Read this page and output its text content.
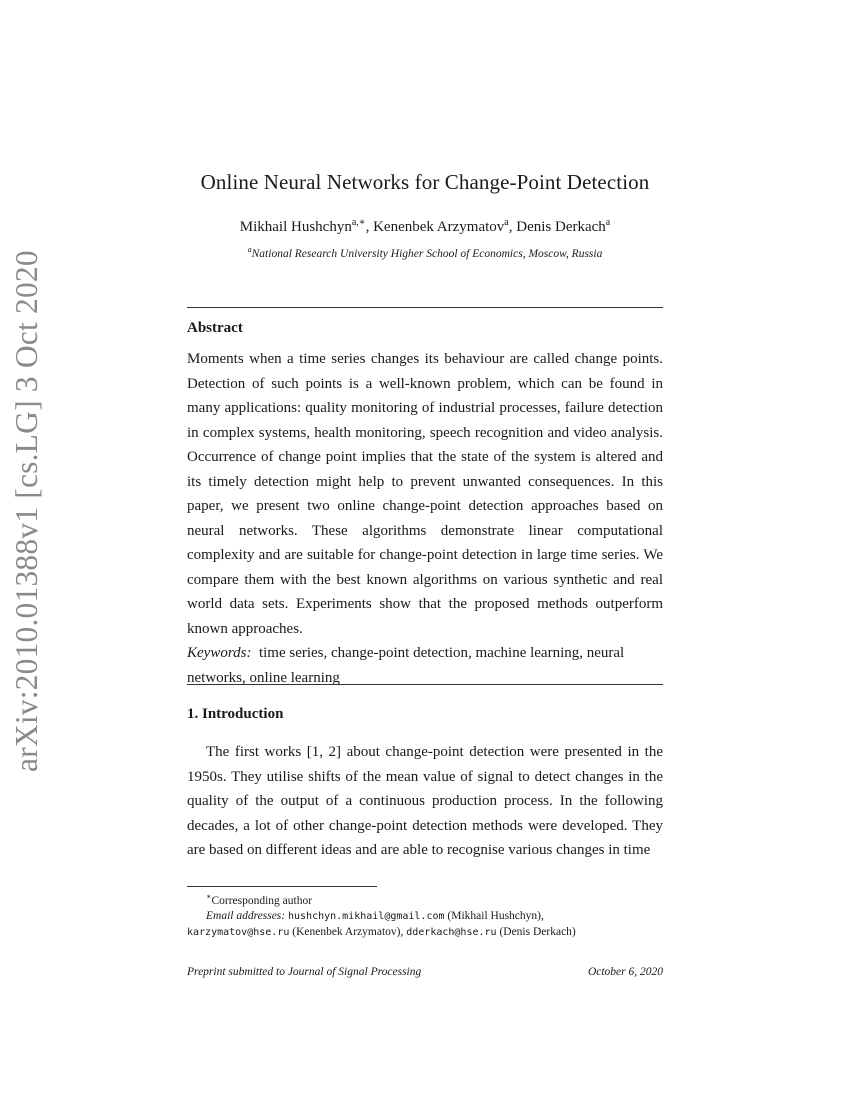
arXiv:2010.01388v1 [cs.LG] 3 Oct 2020
Online Neural Networks for Change-Point Detection
Mikhail Hushchyn$^{a,∗}$, Kenenbek Arzymatov$^a$, Denis Derkach$^a$
$^a$National Research University Higher School of Economics, Moscow, Russia
Abstract

Moments when a time series changes its behaviour are called change points. Detection of such points is a well-known problem, which can be found in many applications: quality monitoring of industrial processes, failure detection in complex systems, health monitoring, speech recognition and video analysis. Occurrence of change point implies that the state of the system is altered and its timely detection might help to prevent unwanted consequences. In this paper, we present two online change-point detection approaches based on neural networks. These algorithms demonstrate linear computational complexity and are suitable for change-point detection in large time series. We compare them with the best known algorithms on various synthetic and real world data sets. Experiments show that the proposed methods outperform known approaches.

Keywords: time series, change-point detection, machine learning, neural networks, online learning

1. Introduction

The first works [1, 2] about change-point detection were presented in the 1950s. They utilise shifts of the mean value of signal to detect changes in the quality of the output of a continuous production process. In the following decades, a lot of other change-point detection methods were developed. They are based on different ideas and are able to recognise various changes in time

∗Corresponding author

Email addresses: hushchyn.mikhail@gmail.com (Mikhail Hushchyn),

karzymatov@hse.ru (Kenenbek Arzymatov), dderkach@hse.ru (Denis Derkach)

Preprint submitted to Journal of Signal Processing	October 6, 2020
